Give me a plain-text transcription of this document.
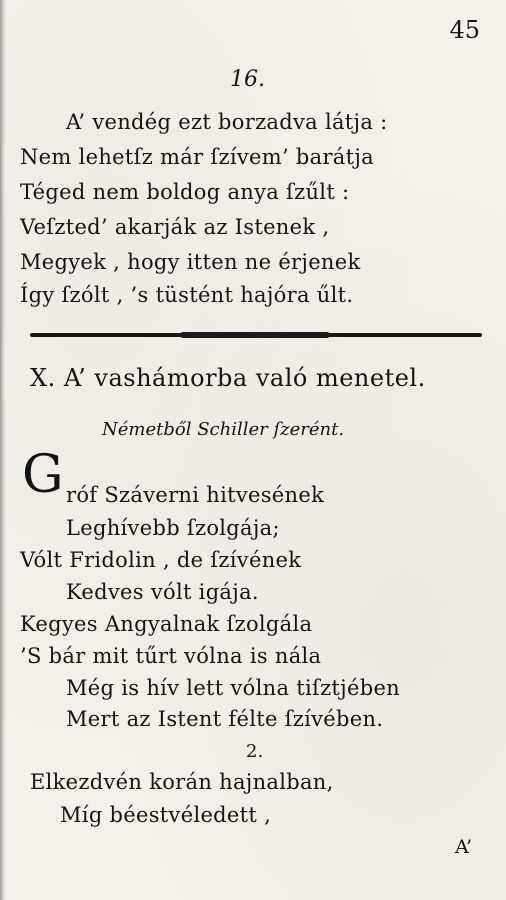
45
16.
A’ vendég ezt borzadva látja :
Nem lehetſz már ſzívem’ barátja
Téged nem boldog anya ſzűlt :
Veſzted’ akarják az Istenek ,
Megyek , hogy itten ne érjenek
Így ſzólt , ’s tüstént hajóra űlt.
X. A’ vashámorba való menetel.
Németből Schiller ſzerént.
G róf Száverni hitvesének
Leghívebb ſzolgája;
Vólt Fridolin , de ſzívének
Kedves vólt igája.
Kegyes Angyalnak ſzolgála
’S bár mit tűrt vólna is nála
Még is hív lett vólna tiſztjében
Mert az Istent félte ſzívében.
2.
Elkezdvén korán hajnalban,
Míg béestvéledett ,
A’
